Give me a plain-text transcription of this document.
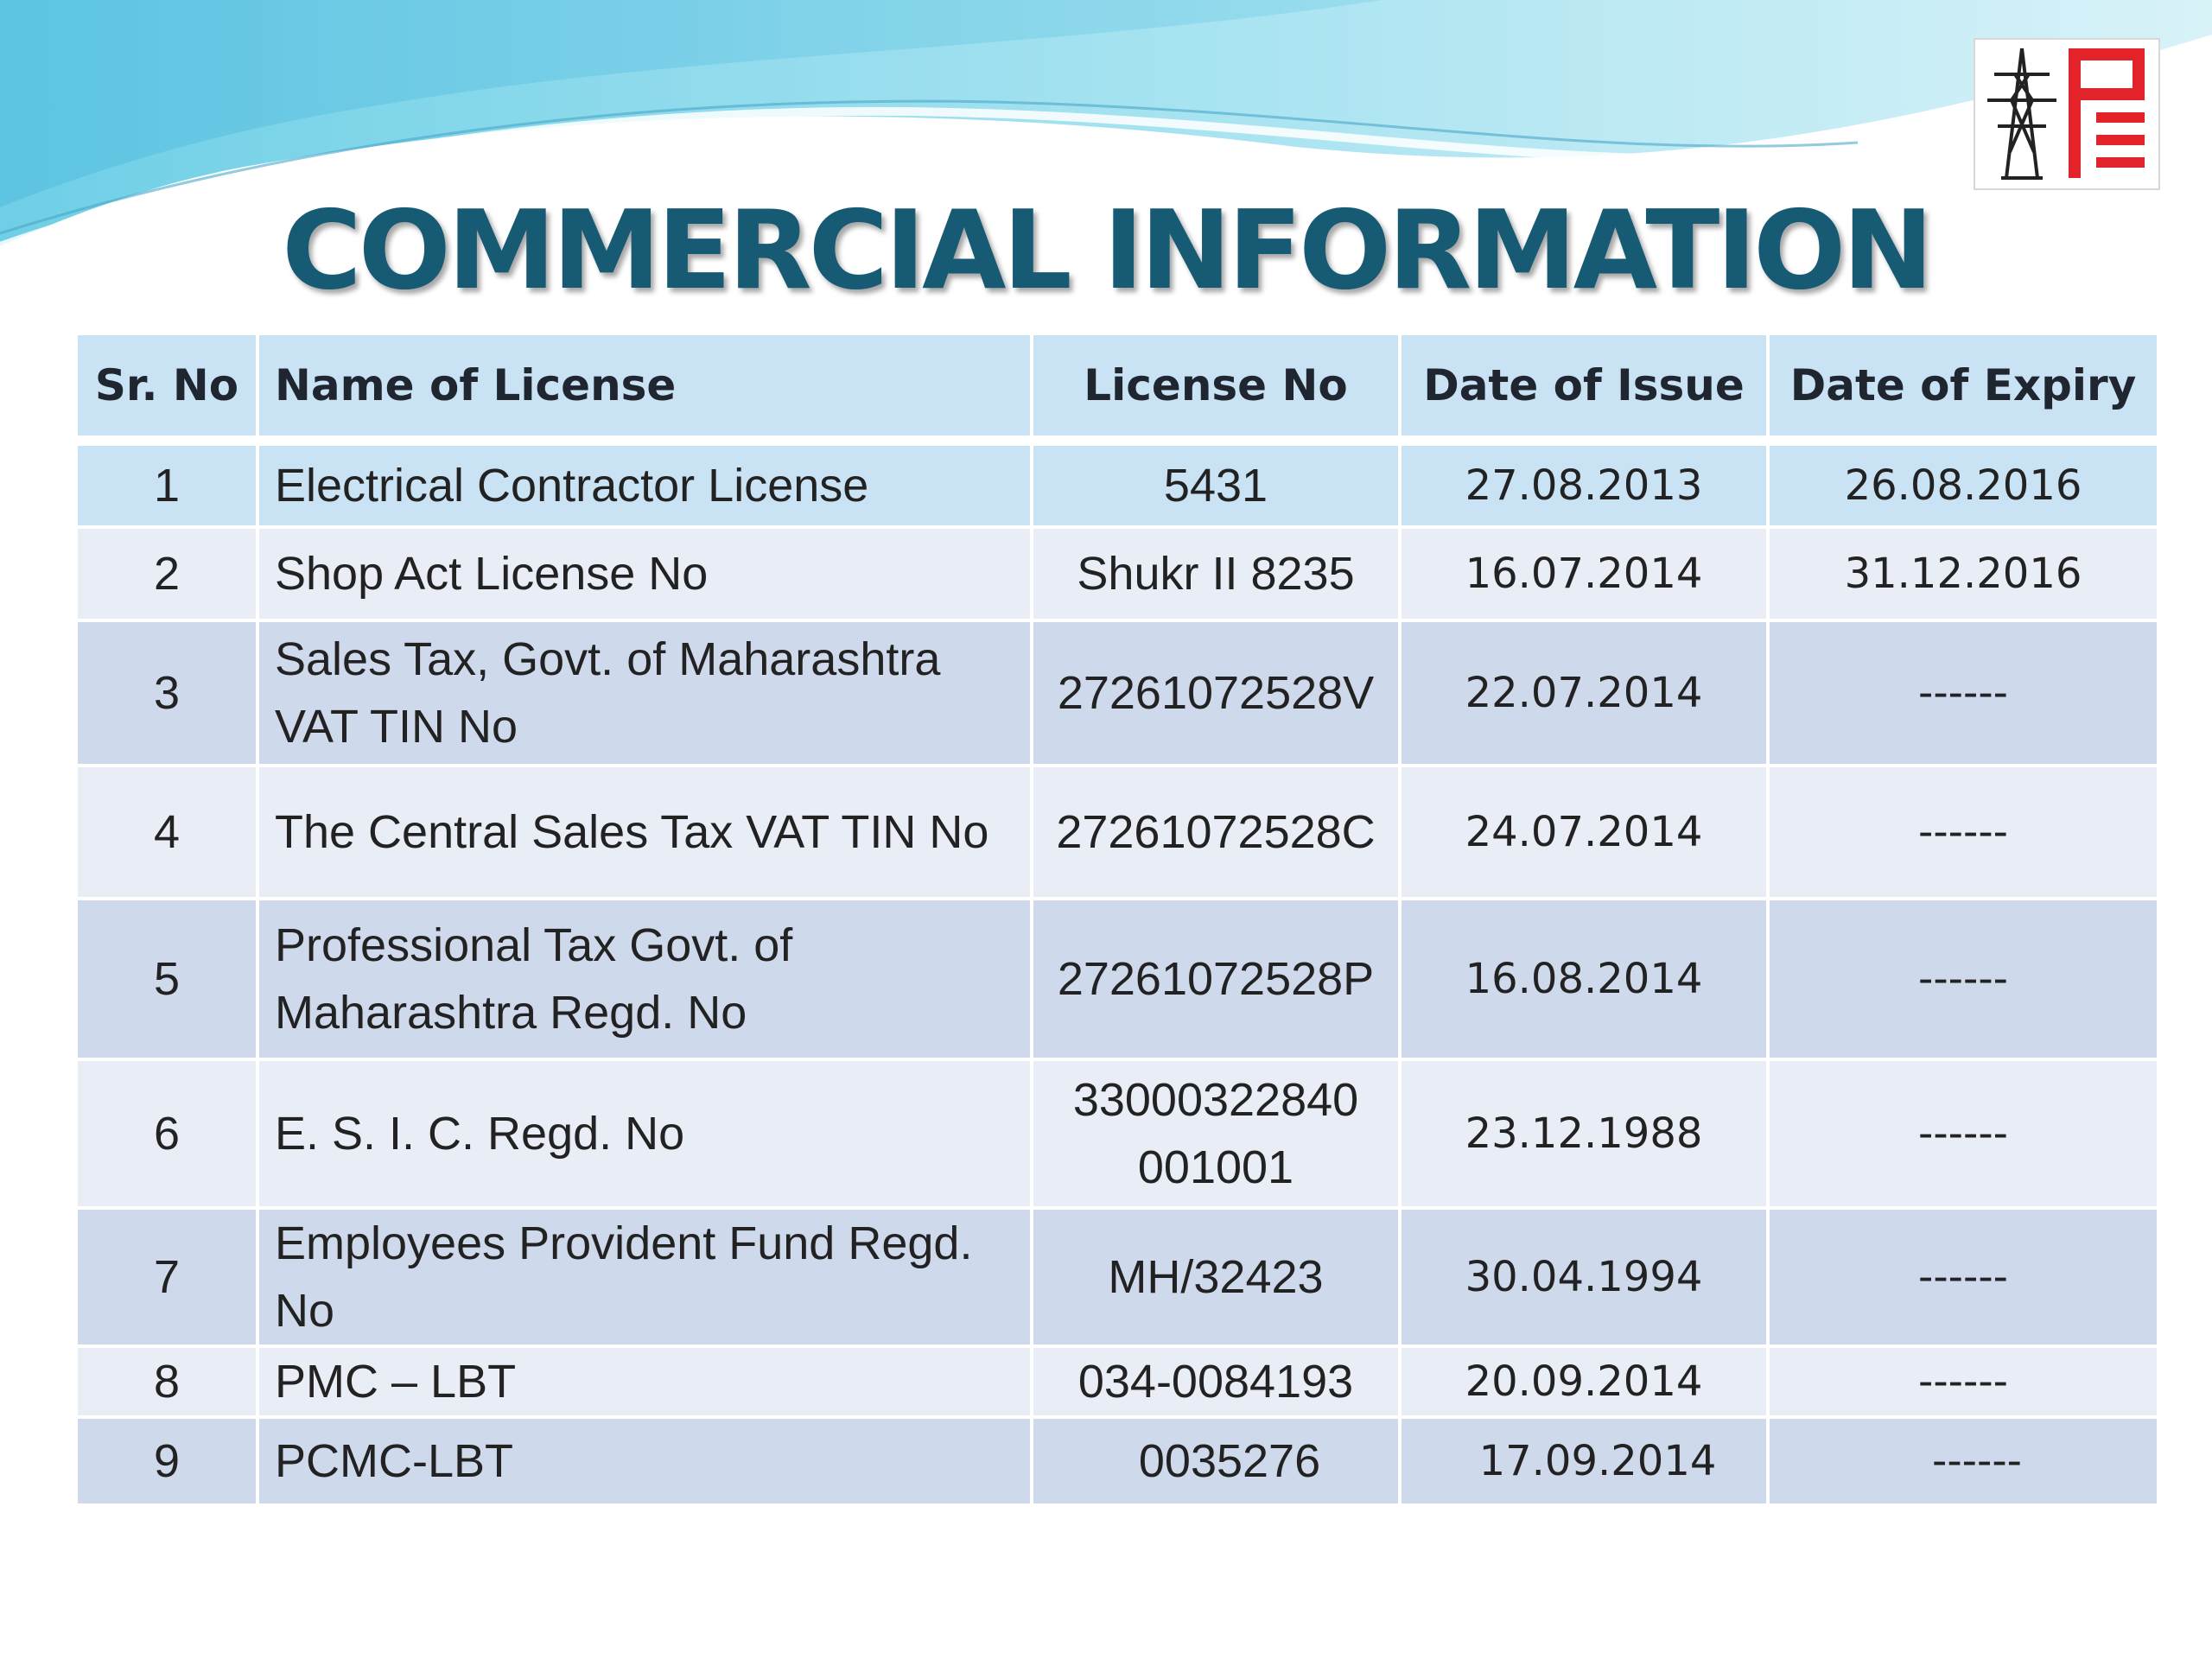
COMMERCIAL INFORMATION
Sr. No	Name of License	License No	Date of Issue	Date of Expiry
1	Electrical Contractor License	5431	27.08.2013	26.08.2016
2	Shop Act License No	Shukr II 8235	16.07.2014	31.12.2016
3	Sales Tax, Govt. of Maharashtra VAT TIN No	27261072528V	22.07.2014	------
4	The Central Sales Tax VAT TIN No	27261072528C	24.07.2014	------
5	Professional Tax Govt. of Maharashtra Regd. No	27261072528P	16.08.2014	------
6	E. S. I. C. Regd. No	33000322840001001	23.12.1988	------
7	Employees Provident Fund Regd. No	MH/32423	30.04.1994	------
8	PMC – LBT	034-0084193	20.09.2014	------
9	PCMC-LBT	0035276	17.09.2014	------
